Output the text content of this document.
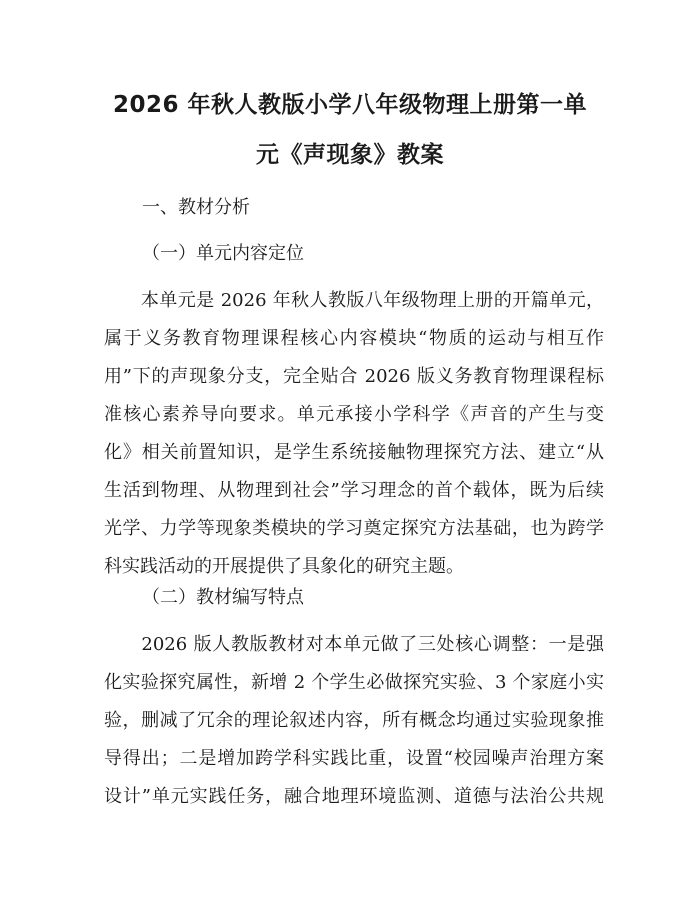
2026 年秋人教版小学八年级物理上册第一单
元《声现象》教案
一、教材分析
（一）单元内容定位
　　本单元是 2026 年秋人教版八年级物理上册的开篇单元，
属于义务教育物理课程核心内容模块“物质的运动与相互作
用”下的声现象分支，完全贴合 2026 版义务教育物理课程标
准核心素养导向要求。单元承接小学科学《声音的产生与变
化》相关前置知识，是学生系统接触物理探究方法、建立“从
生活到物理、从物理到社会”学习理念的首个载体，既为后续
光学、力学等现象类模块的学习奠定探究方法基础，也为跨学
科实践活动的开展提供了具象化的研究主题。
（二）教材编写特点
　　2026 版人教版教材对本单元做了三处核心调整：一是强
化实验探究属性，新增 2 个学生必做探究实验、3 个家庭小实
验，删减了冗余的理论叙述内容，所有概念均通过实验现象推
导得出；二是增加跨学科实践比重，设置“校园噪声治理方案
设计”单元实践任务，融合地理环境监测、道德与法治公共规
